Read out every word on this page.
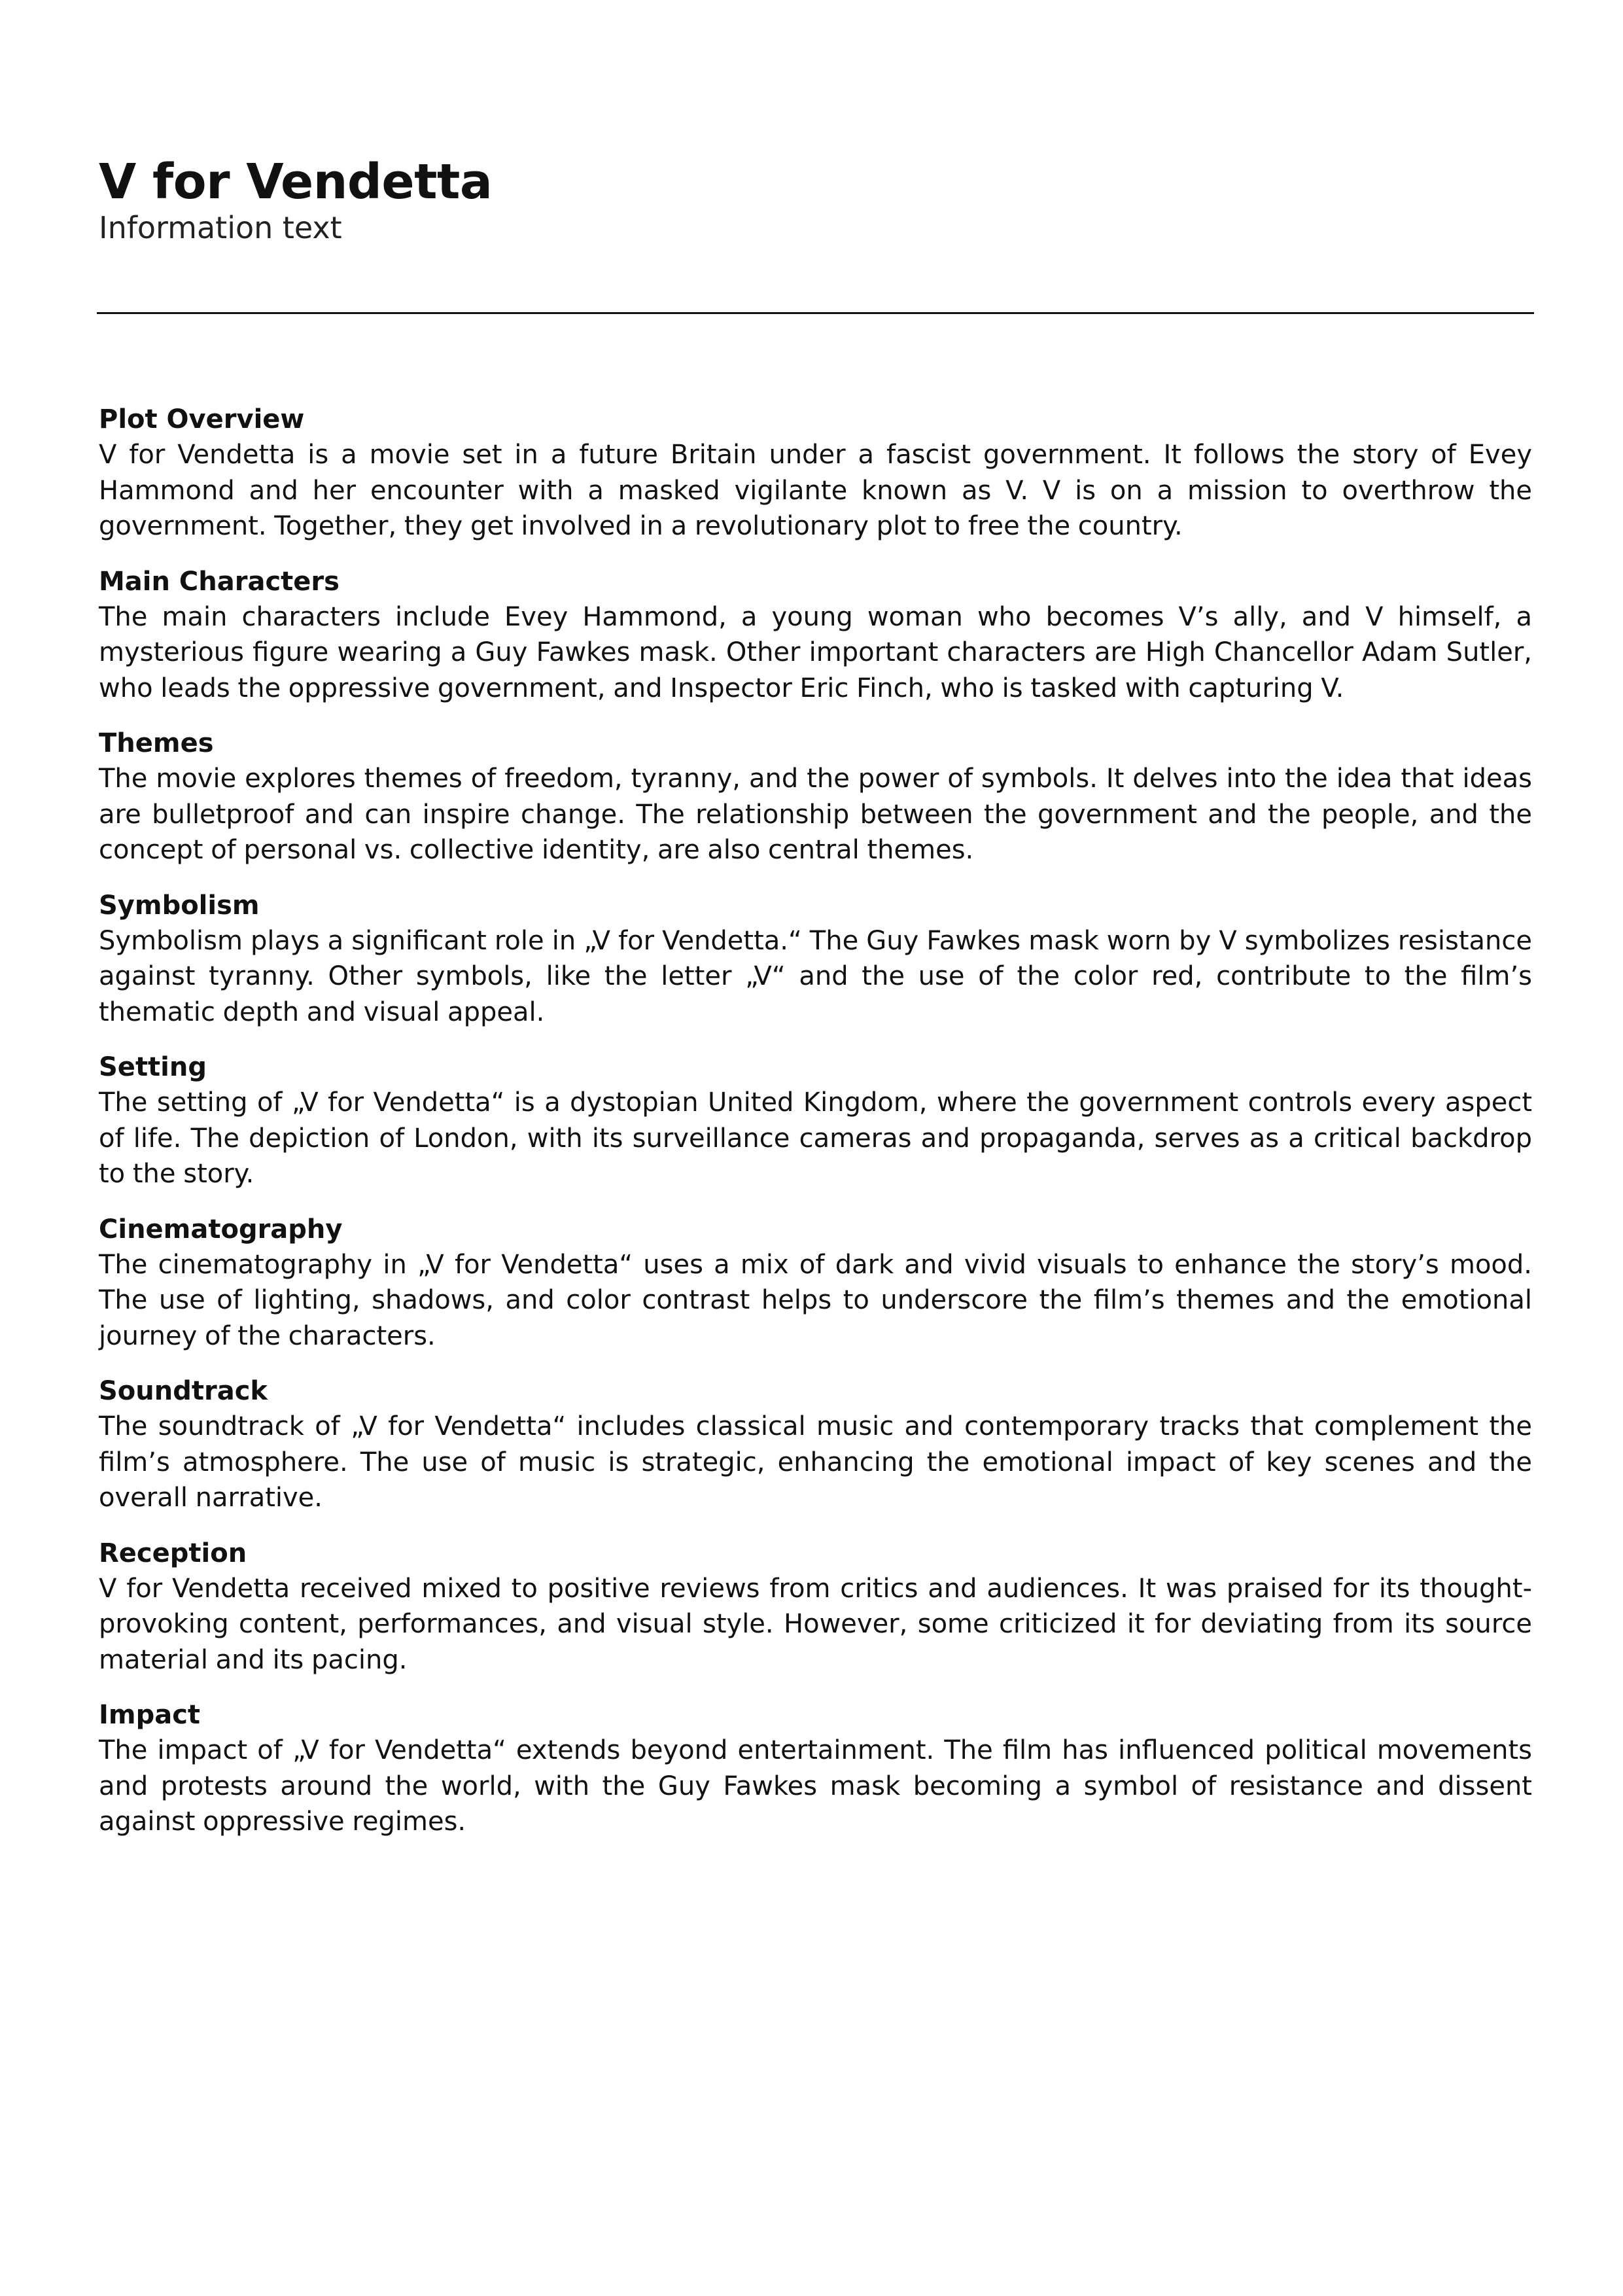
V for Vendetta

Information text

Plot Overview

V for Vendetta is a movie set in a future Britain under a fascist government. It follows the story of Evey Hammond and her encounter with a masked vigilante known as V. V is on a mission to overthrow the government. Together, they get involved in a revolutionary plot to free the country.

Main Characters

The main characters include Evey Hammond, a young woman who becomes V’s ally, and V himself, a mysterious figure wearing a Guy Fawkes mask. Other important characters are High Chancellor Adam Sutler, who leads the oppressive government, and Inspector Eric Finch, who is tasked with capturing V.

Themes

The movie explores themes of freedom, tyranny, and the power of symbols. It delves into the idea that ideas are bulletproof and can inspire change. The relationship between the government and the people, and the concept of personal vs. collective identity, are also central themes.

Symbolism

Symbolism plays a significant role in „V for Vendetta.“ The Guy Fawkes mask worn by V symbolizes resistance against tyranny. Other symbols, like the letter „V“ and the use of the color red, contribute to the film’s thematic depth and visual appeal.

Setting

The setting of „V for Vendetta“ is a dystopian United Kingdom, where the government controls every aspect of life. The depiction of London, with its surveillance cameras and propaganda, serves as a critical backdrop to the story.

Cinematography

The cinematography in „V for Vendetta“ uses a mix of dark and vivid visuals to enhance the story’s mood. The use of lighting, shadows, and color contrast helps to underscore the film’s themes and the emotional journey of the characters.

Soundtrack

The soundtrack of „V for Vendetta“ includes classical music and contemporary tracks that complement the film’s atmosphere. The use of music is strategic, enhancing the emotional impact of key scenes and the overall narrative.

Reception

V for Vendetta received mixed to positive reviews from critics and audiences. It was praised for its thought-provoking content, performances, and visual style. However, some criticized it for deviating from its source material and its pacing.

Impact

The impact of „V for Vendetta“ extends beyond entertainment. The film has influenced political movements and protests around the world, with the Guy Fawkes mask becoming a symbol of resistance and dissent against oppressive regimes.
